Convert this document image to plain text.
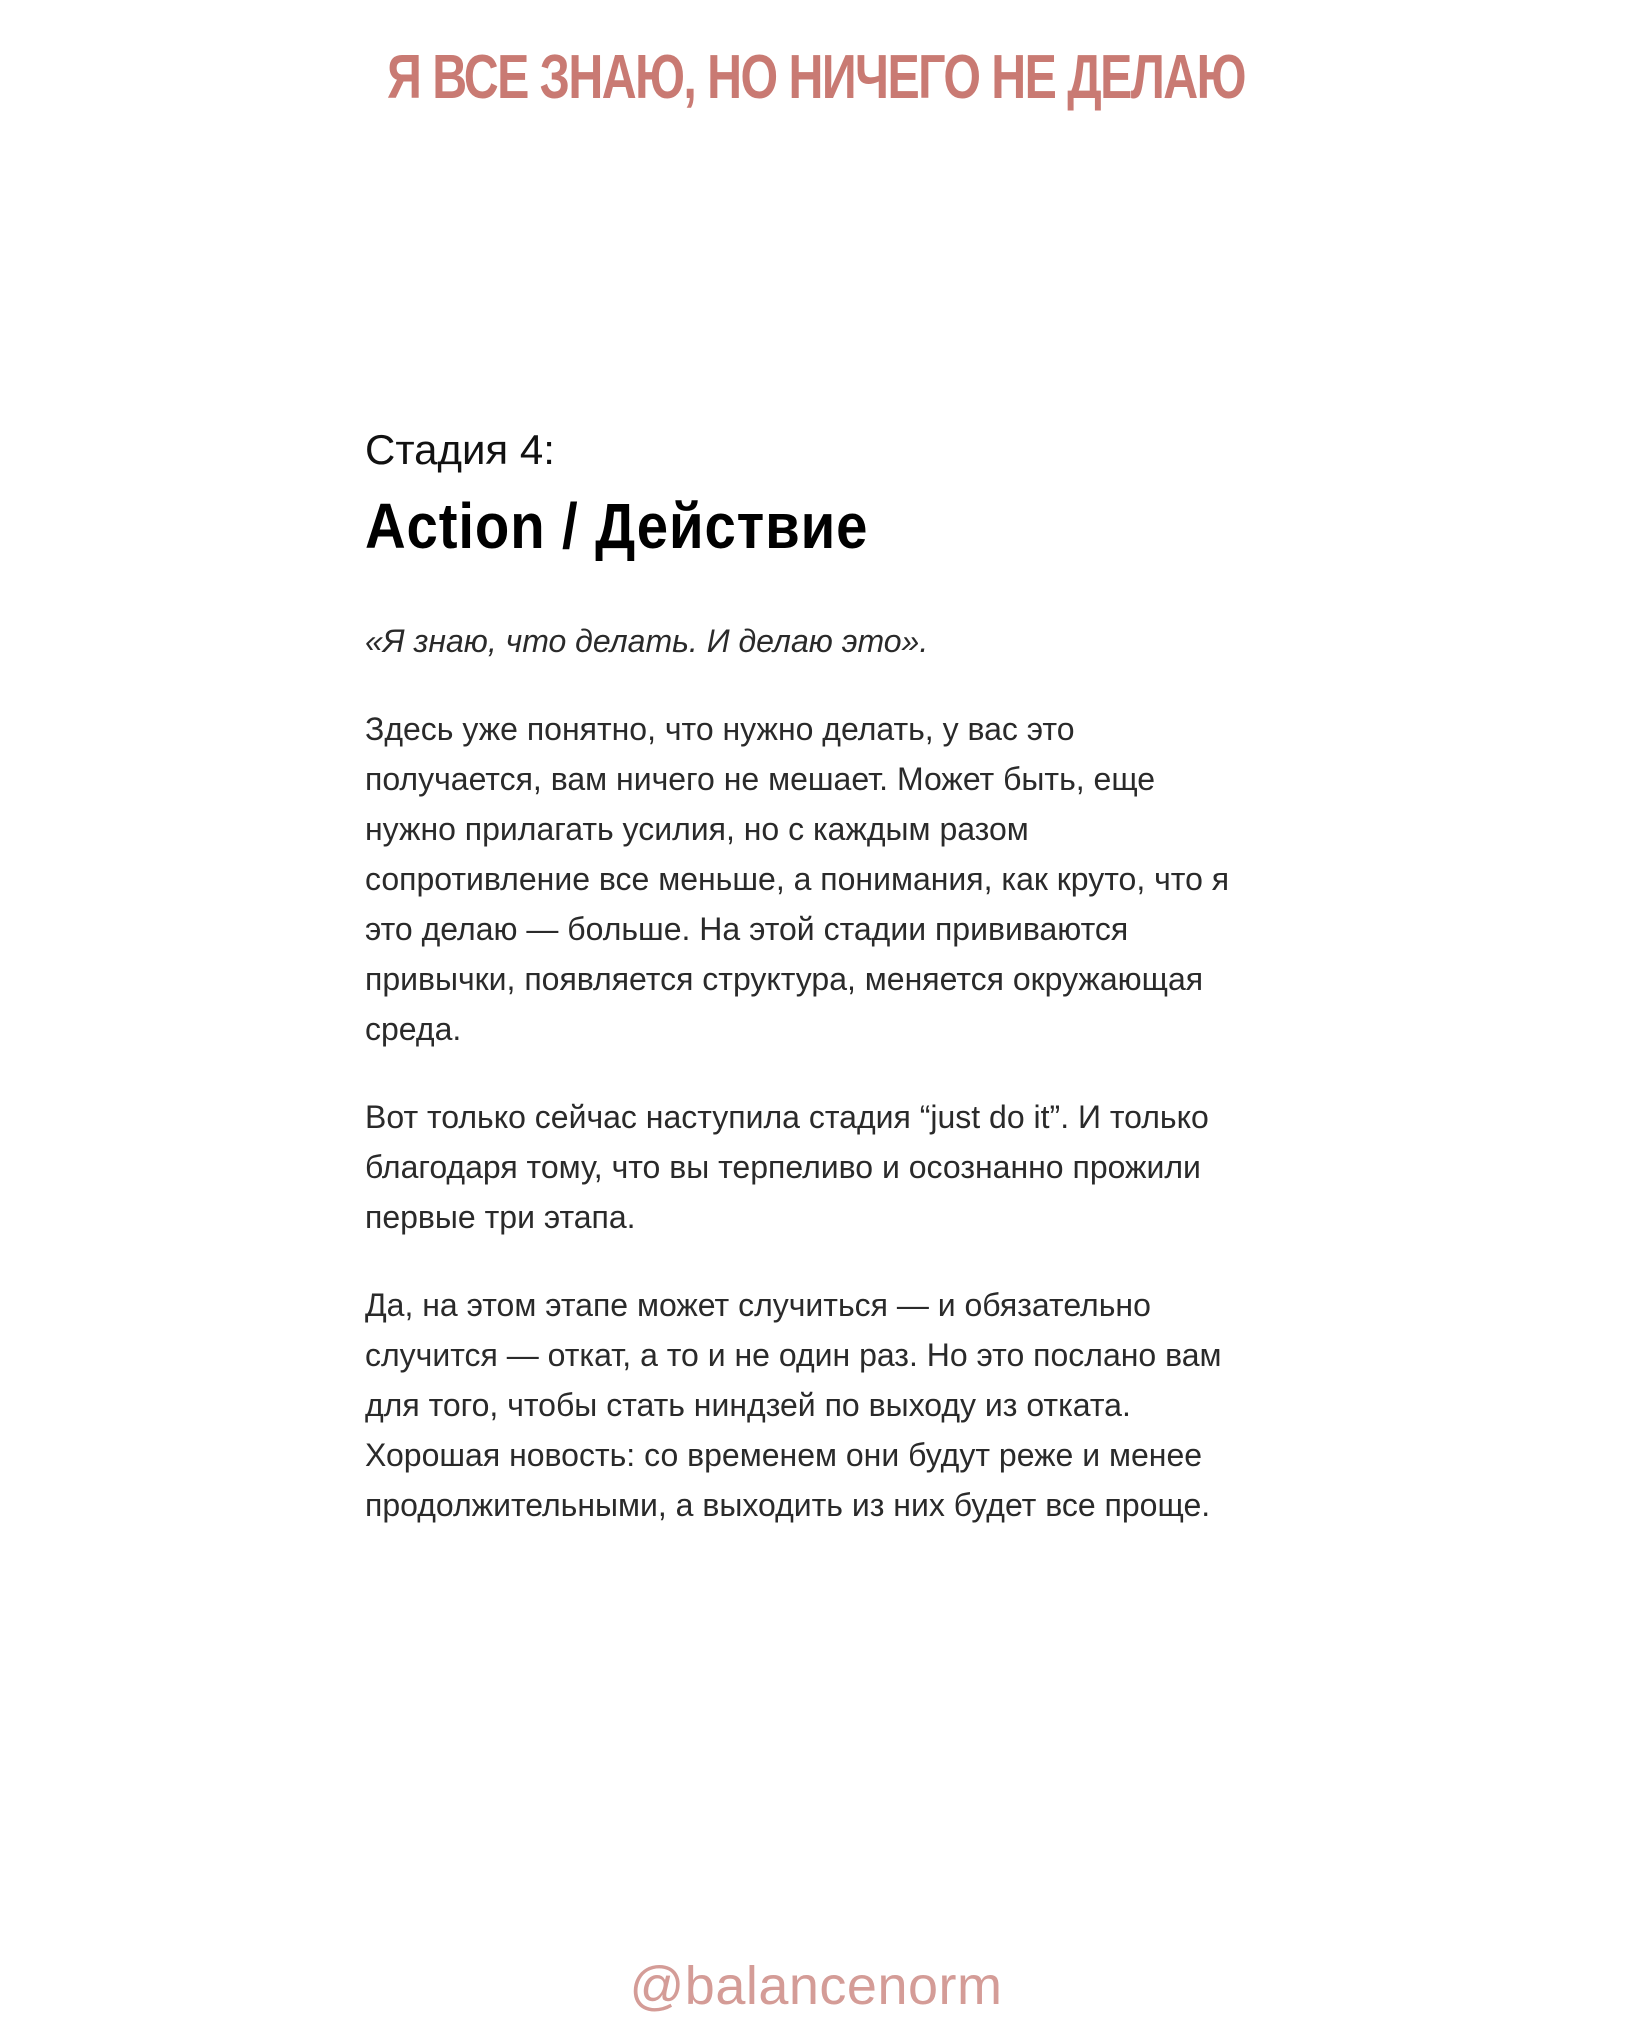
Я ВСЕ ЗНАЮ, НО НИЧЕГО НЕ ДЕЛАЮ
Стадия 4:
Action / Действие

«Я знаю, что делать. И делаю это».

Здесь уже понятно, что нужно делать, у вас это получается, вам ничего не мешает. Может быть, еще нужно прилагать усилия, но с каждым разом сопротивление все меньше, а понимания, как круто, что я это делаю — больше. На этой стадии прививаются привычки, появляется структура, меняется окружающая среда.

Вот только сейчас наступила стадия “just do it”. И только благодаря тому, что вы терпеливо и осознанно прожили первые три этапа.

Да, на этом этапе может случиться — и обязательно случится — откат, а то и не один раз. Но это послано вам для того, чтобы стать ниндзей по выходу из отката. Хорошая новость: со временем они будут реже и менее продолжительными, а выходить из них будет все проще.

@balancenorm
